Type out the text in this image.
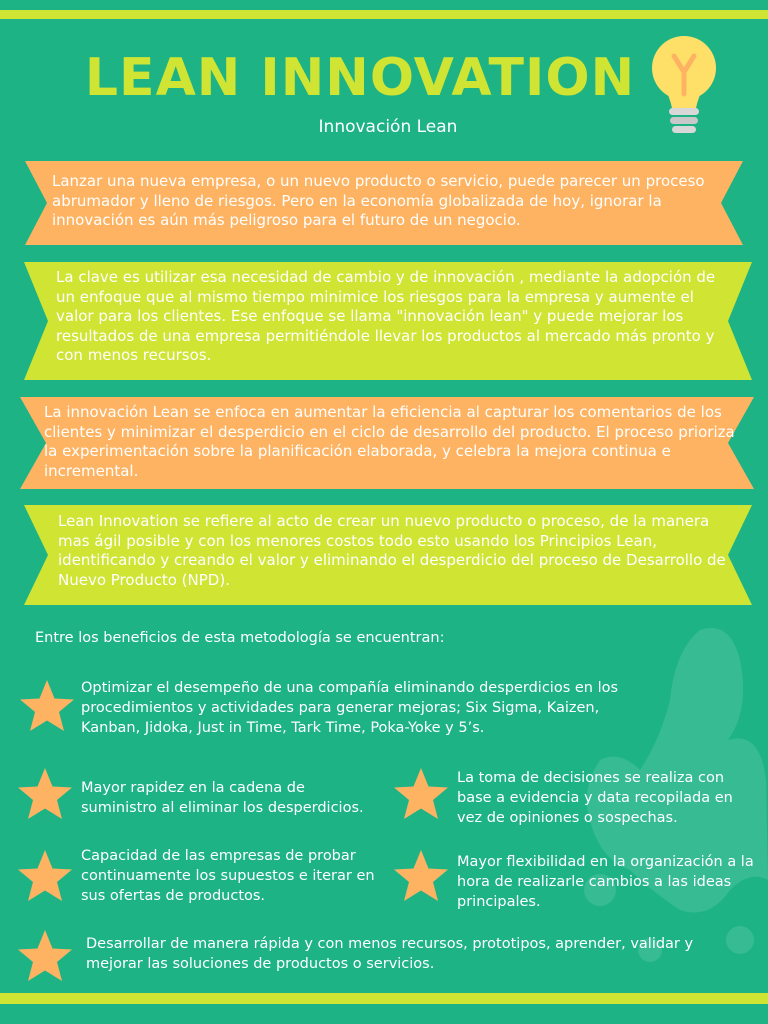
LEAN INNOVATION
Innovación Lean
Lanzar una nueva empresa, o un nuevo producto o servicio, puede parecer un proceso abrumador y lleno de riesgos. Pero en la economía globalizada de hoy, ignorar la innovación es aún más peligroso para el futuro de un negocio.
La clave es utilizar esa necesidad de cambio y de innovación , mediante la adopción de un enfoque que al mismo tiempo minimice los riesgos para la empresa y aumente el valor para los clientes. Ese enfoque se llama "innovación lean" y puede mejorar los resultados de una empresa permitiéndole llevar los productos al mercado más pronto y con menos recursos.
La innovación Lean se enfoca en aumentar la eficiencia al capturar los comentarios de los clientes y minimizar el desperdicio en el ciclo de desarrollo del producto. El proceso prioriza la experimentación sobre la planificación elaborada, y celebra la mejora continua e incremental.
Lean Innovation se refiere al acto de crear un nuevo producto o proceso, de la manera mas ágil posible y con los menores costos todo esto usando los Principios Lean, identificando y creando el valor y eliminando el desperdicio del proceso de Desarrollo de Nuevo Producto (NPD).
Entre los beneficios de esta metodología se encuentran:
Optimizar el desempeño de una compañía eliminando desperdicios en los procedimientos y actividades para generar mejoras; Six Sigma, Kaizen, Kanban, Jidoka, Just in Time, Tark Time, Poka-Yoke y 5’s.
Mayor rapidez en la cadena de suministro al eliminar los desperdicios.
La toma de decisiones se realiza con base a evidencia y data recopilada en vez de opiniones o sospechas.
Capacidad de las empresas de probar continuamente los supuestos e iterar en sus ofertas de productos.
Mayor flexibilidad en la organización a la hora de realizarle cambios a las ideas principales.
Desarrollar de manera rápida y con menos recursos, prototipos, aprender, validar y mejorar las soluciones de productos o servicios.
